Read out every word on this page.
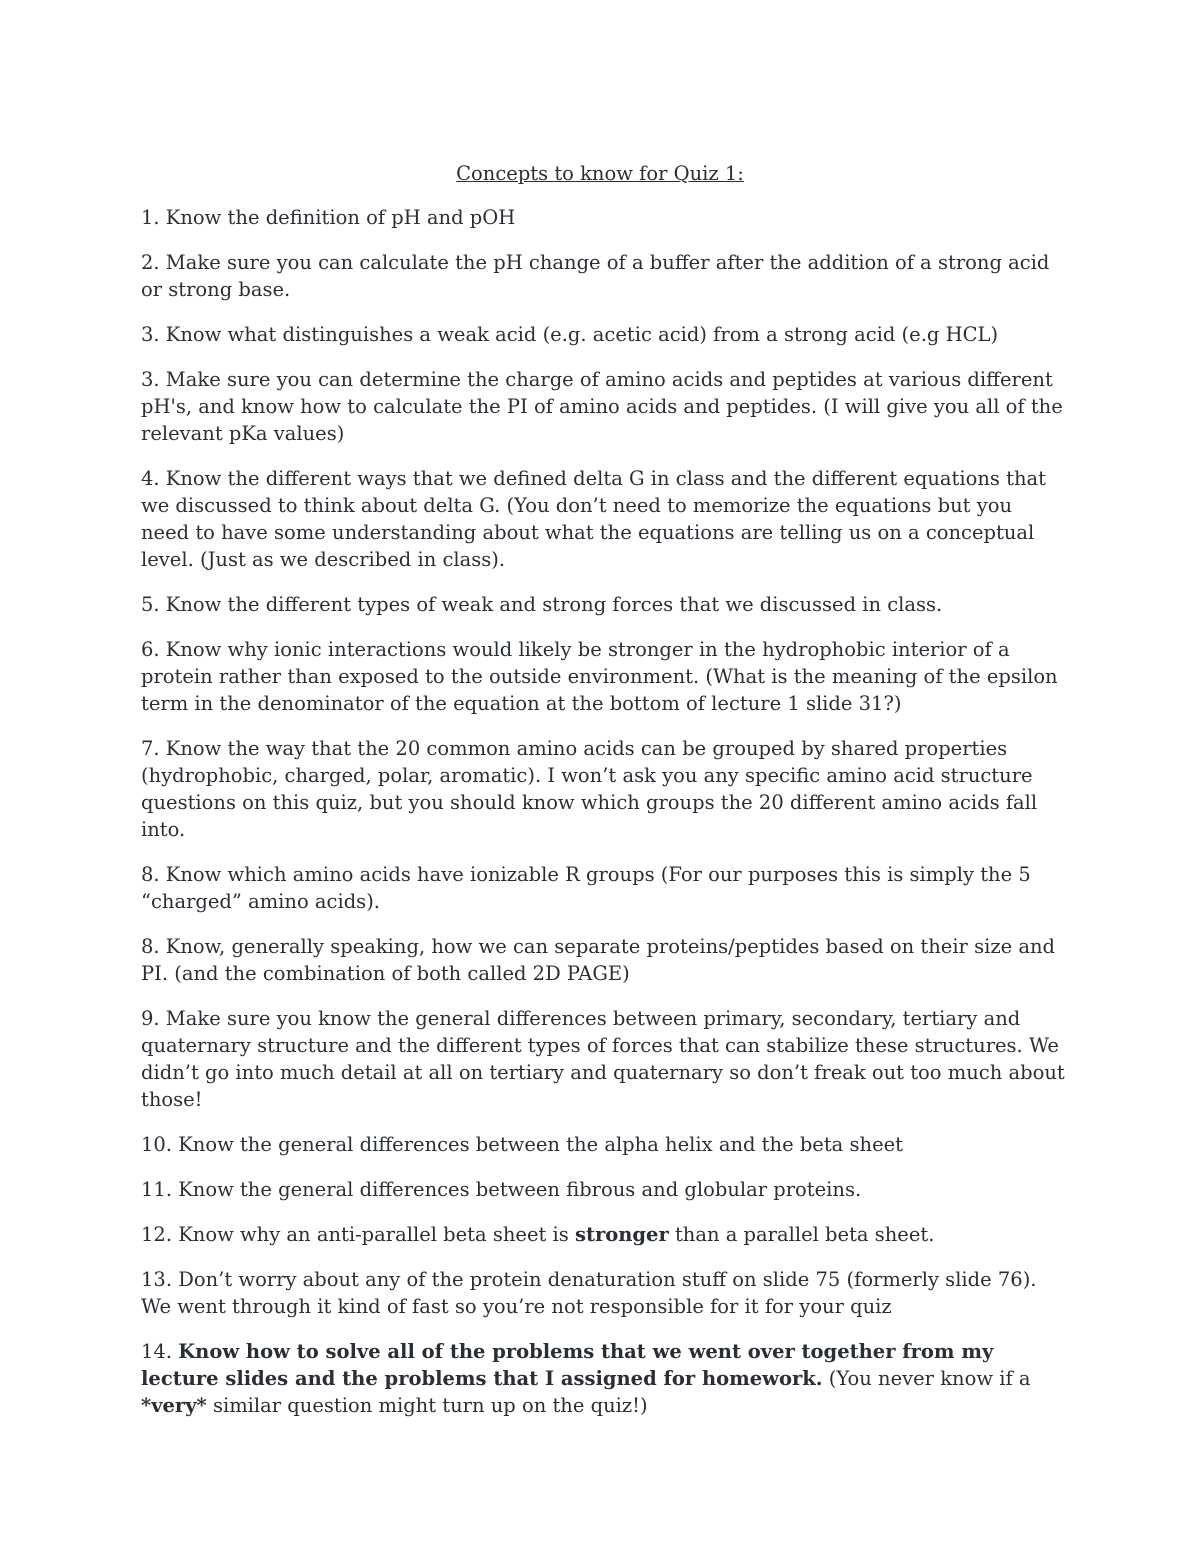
Concepts to know for Quiz 1:

1. Know the definition of pH and pOH

2. Make sure you can calculate the pH change of a buffer after the addition of a strong acid or strong base.

3. Know what distinguishes a weak acid (e.g. acetic acid) from a strong acid (e.g HCL)

3. Make sure you can determine the charge of amino acids and peptides at various different pH's, and know how to calculate the PI of amino acids and peptides. (I will give you all of the relevant pKa values)

4. Know the different ways that we defined delta G in class and the different equations that we discussed to think about delta G. (You don’t need to memorize the equations but you need to have some understanding about what the equations are telling us on a conceptual level. (Just as we described in class).

5. Know the different types of weak and strong forces that we discussed in class.

6. Know why ionic interactions would likely be stronger in the hydrophobic interior of a protein rather than exposed to the outside environment. (What is the meaning of the epsilon term in the denominator of the equation at the bottom of lecture 1 slide 31?)

7. Know the way that the 20 common amino acids can be grouped by shared properties (hydrophobic, charged, polar, aromatic). I won’t ask you any specific amino acid structure questions on this quiz, but you should know which groups the 20 different amino acids fall into.

8. Know which amino acids have ionizable R groups (For our purposes this is simply the 5 “charged” amino acids).

8. Know, generally speaking, how we can separate proteins/peptides based on their size and PI. (and the combination of both called 2D PAGE)

9. Make sure you know the general differences between primary, secondary, tertiary and quaternary structure and the different types of forces that can stabilize these structures. We didn’t go into much detail at all on tertiary and quaternary so don’t freak out too much about those!

10. Know the general differences between the alpha helix and the beta sheet

11. Know the general differences between fibrous and globular proteins.

12. Know why an anti-parallel beta sheet is stronger than a parallel beta sheet.

13. Don’t worry about any of the protein denaturation stuff on slide 75 (formerly slide 76). We went through it kind of fast so you’re not responsible for it for your quiz

14. Know how to solve all of the problems that we went over together from my lecture slides and the problems that I assigned for homework. (You never know if a *very* similar question might turn up on the quiz!)
